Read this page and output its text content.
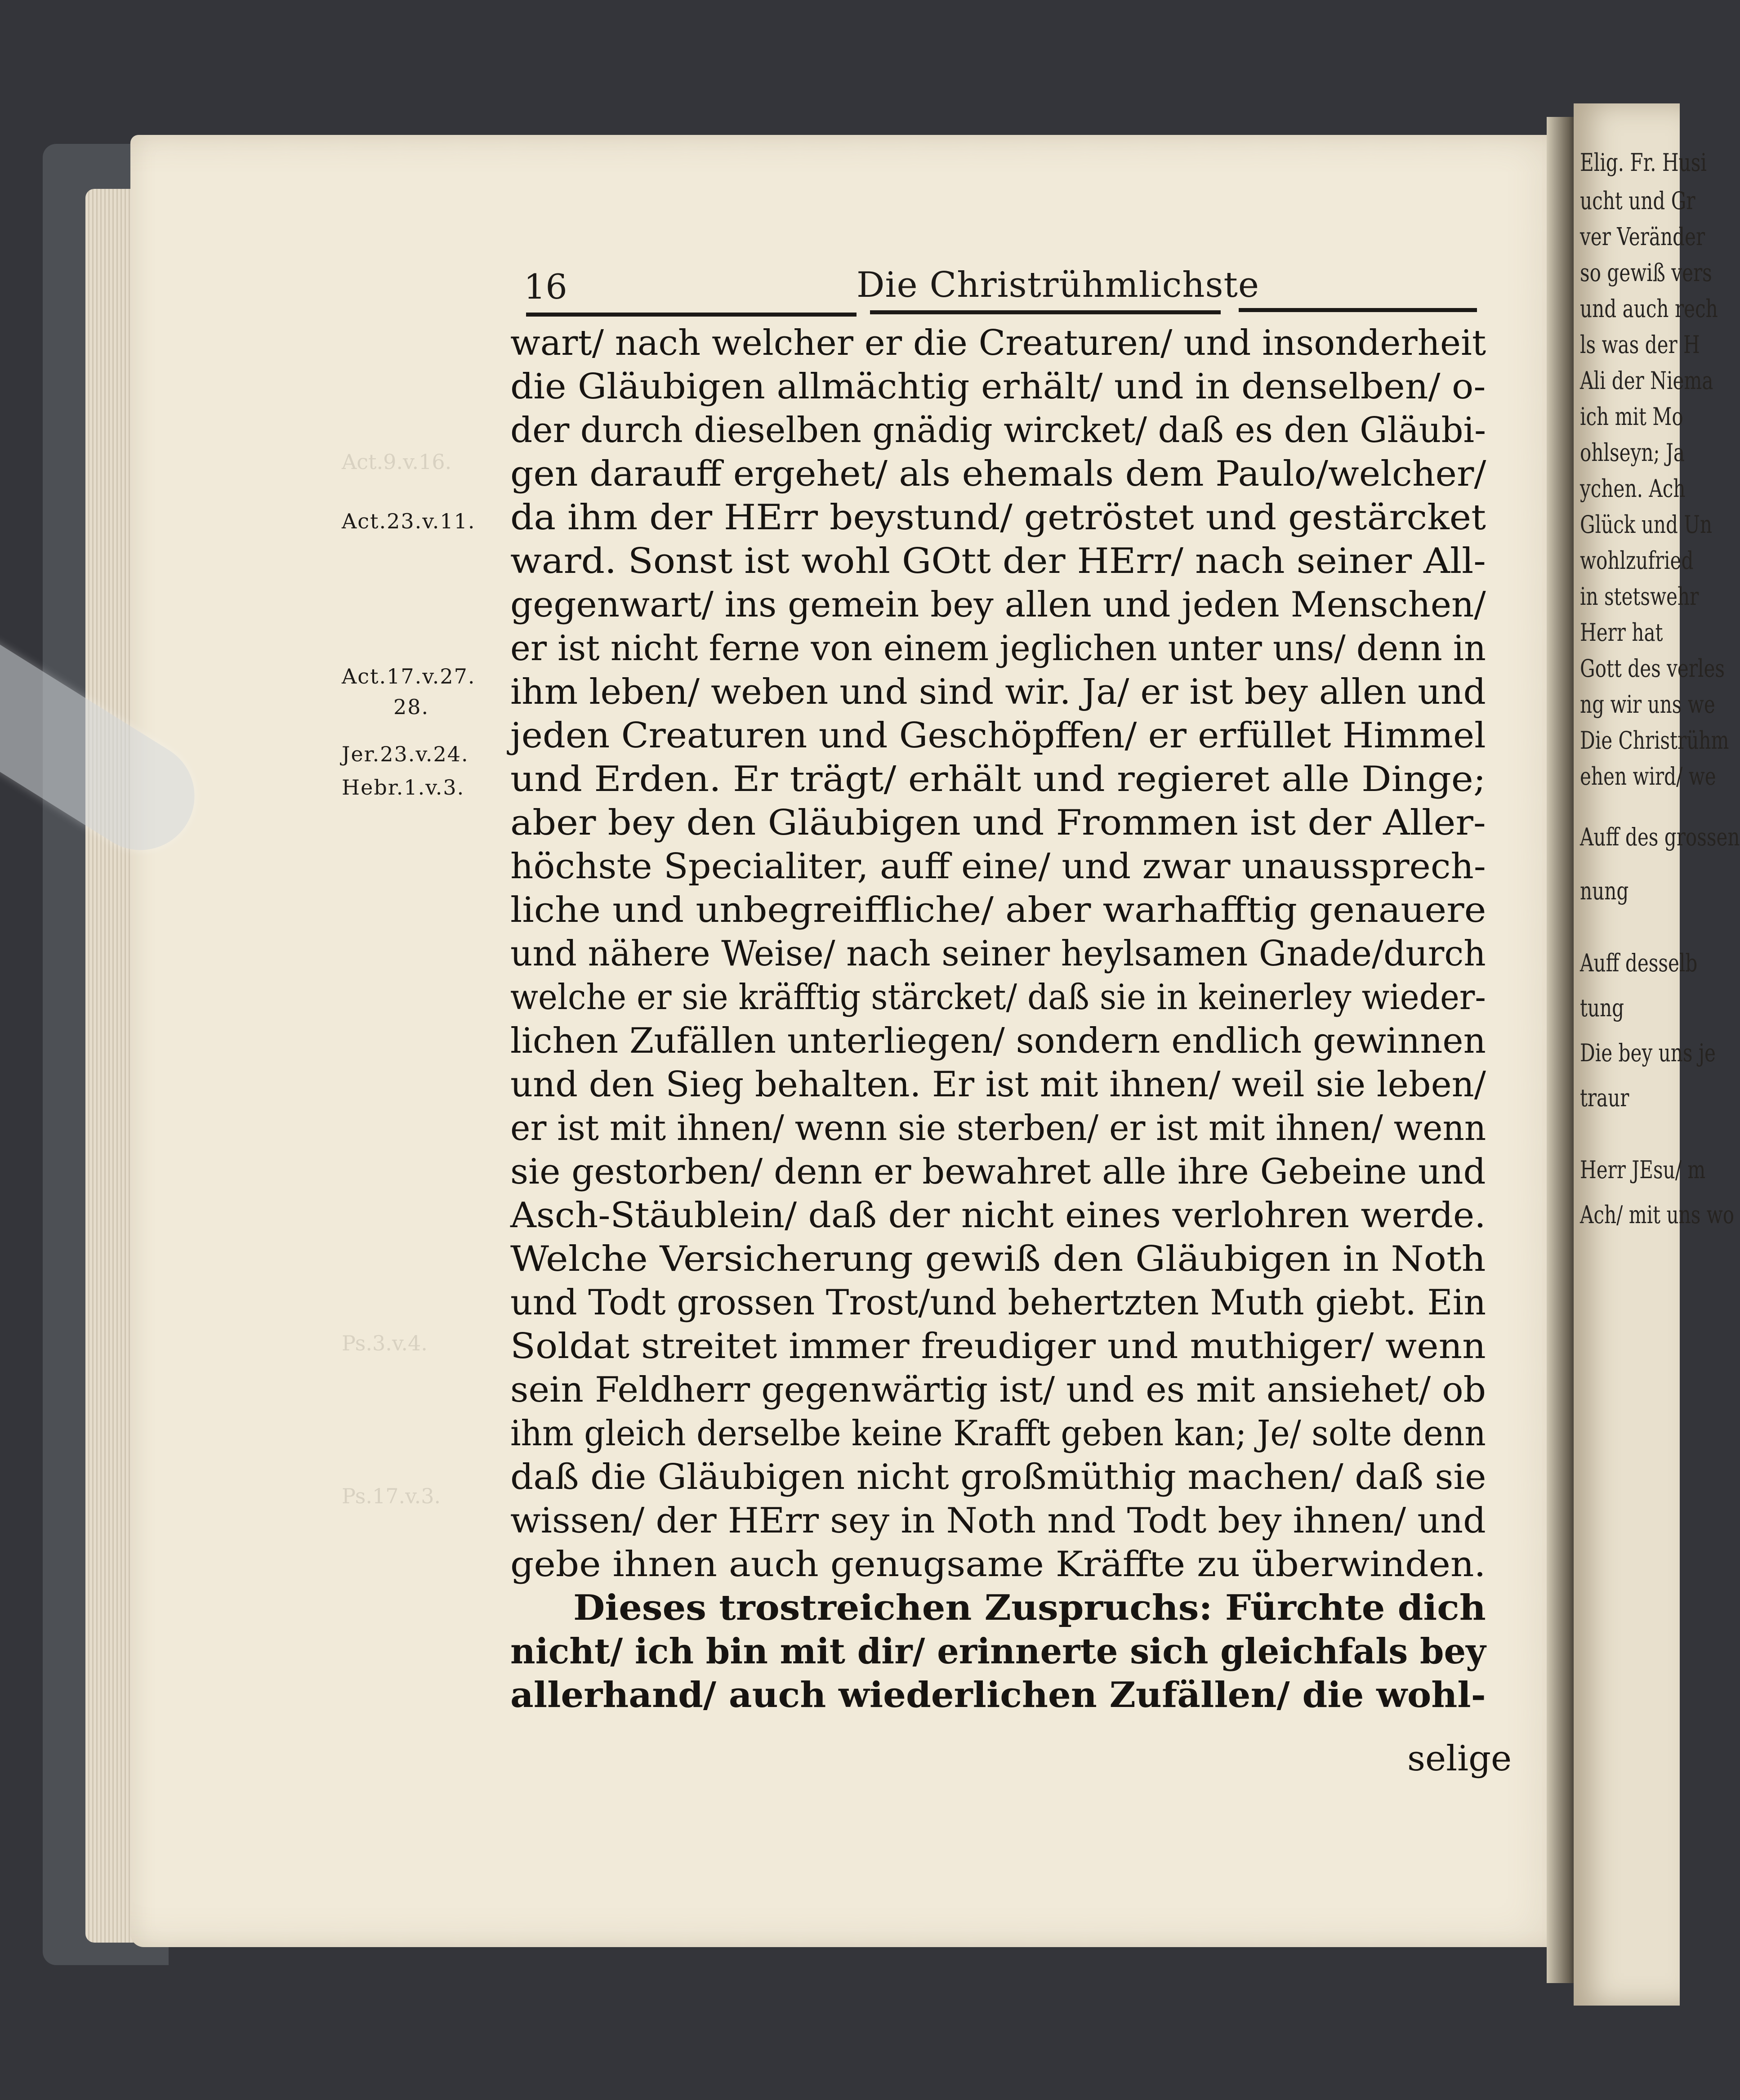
Elig. Fr. Husi
ucht und Gr
ver Veränder
so gewiß vers
und auch rech
ls was der H
Ali der Niema
ich mit Mo
ohlseyn; Ja
ychen. Ach
Glück und Un
wohlzufried
in stetswehr
Herr hat
Gott des verles
ng wir uns we
Die Christrühm
ehen wird/ we
Auff des grossen
nung
Auff desselb
tung
Die bey uns je
traur
Herr JEsu/ m
Ach/ mit uns wo
Act.9.v.16.
Ps.3.v.4.
Ps.17.v.3.
16	Die Christrühmlichste
Act.23.v.11.
Act.17.v.27.
28.
Jer.23.v.24.
Hebr.1.v.3.
wart/ nach welcher er die Creaturen/ und insonderheit
die Gläubigen allmächtig erhält/ und in denselben/ o-
der durch dieselben gnädig wircket/ daß es den Gläubi-
gen darauff ergehet/ als ehemals dem Paulo/welcher/
da ihm der HErr beystund/ getröstet und gestärcket
ward. Sonst ist wohl GOtt der HErr/ nach seiner All-
gegenwart/ ins gemein bey allen und jeden Menschen/
er ist nicht ferne von einem jeglichen unter uns/ denn in
ihm leben/ weben und sind wir. Ja/ er ist bey allen und
jeden Creaturen und Geschöpffen/ er erfüllet Himmel
und Erden. Er trägt/ erhält und regieret alle Dinge;
aber bey den Gläubigen und Frommen ist der Aller-
höchste Specialiter, auff eine/ und zwar unaussprech-
liche und unbegreiffliche/ aber warhafftig genauere
und nähere Weise/ nach seiner heylsamen Gnade/durch
welche er sie kräfftig stärcket/ daß sie in keinerley wieder-
lichen Zufällen unterliegen/ sondern endlich gewinnen
und den Sieg behalten. Er ist mit ihnen/ weil sie leben/
er ist mit ihnen/ wenn sie sterben/ er ist mit ihnen/ wenn
sie gestorben/ denn er bewahret alle ihre Gebeine und
Asch-Stäublein/ daß der nicht eines verlohren werde.
Welche Versicherung gewiß den Gläubigen in Noth
und Todt grossen Trost/und behertzten Muth giebt. Ein
Soldat streitet immer freudiger und muthiger/ wenn
sein Feldherr gegenwärtig ist/ und es mit ansiehet/ ob
ihm gleich derselbe keine Krafft geben kan; Je/ solte denn
daß die Gläubigen nicht großmüthig machen/ daß sie
wissen/ der HErr sey in Noth nnd Todt bey ihnen/ und
gebe ihnen auch genugsame Kräffte zu überwinden.
Dieses trostreichen Zuspruchs: Fürchte dich
nicht/ ich bin mit dir/ erinnerte sich gleichfals bey
allerhand/ auch wiederlichen Zufällen/ die wohl-
selige
